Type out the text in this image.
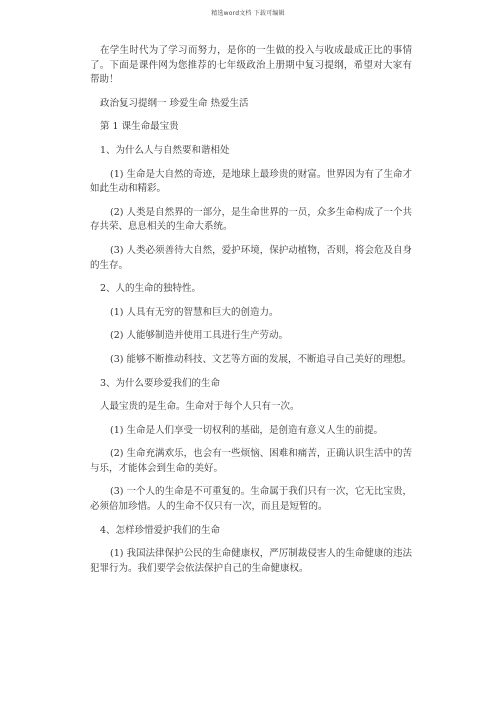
精选word文档 下载可编辑

在学生时代为了学习而努力，是你的一生做的投入与收成最成正比的事情了。下面是课件网为您推荐的七年级政治上册期中复习提纲，希望对大家有帮助！

政治复习提纲一 珍爱生命 热爱生活

第 1 课生命最宝贵

1、为什么人与自然要和谐相处

(1) 生命是大自然的奇迹，是地球上最珍贵的财富。世界因为有了生命才如此生动和精彩。

(2) 人类是自然界的一部分，是生命世界的一员，众多生命构成了一个共存共荣、息息相关的生命大系统。

(3) 人类必须善待大自然，爱护环境，保护动植物，否则，将会危及自身的生存。

2、人的生命的独特性。

(1) 人具有无穷的智慧和巨大的创造力。

(2) 人能够制造并使用工具进行生产劳动。

(3) 能够不断推动科技、文艺等方面的发展，不断追寻自己美好的理想。

3、为什么要珍爱我们的生命

人最宝贵的是生命。生命对于每个人只有一次。

(1) 生命是人们享受一切权利的基础，是创造有意义人生的前提。

(2) 生命充满欢乐，也会有一些烦恼、困难和痛苦，正确认识生活中的苦与乐，才能体会到生命的美好。

(3) 一个人的生命是不可重复的。生命属于我们只有一次，它无比宝贵，必须倍加珍惜。人的生命不仅只有一次，而且是短暂的。

4、怎样珍惜爱护我们的生命

(1) 我国法律保护公民的生命健康权，严厉制裁侵害人的生命健康的违法犯罪行为。我们要学会依法保护自己的生命健康权。
